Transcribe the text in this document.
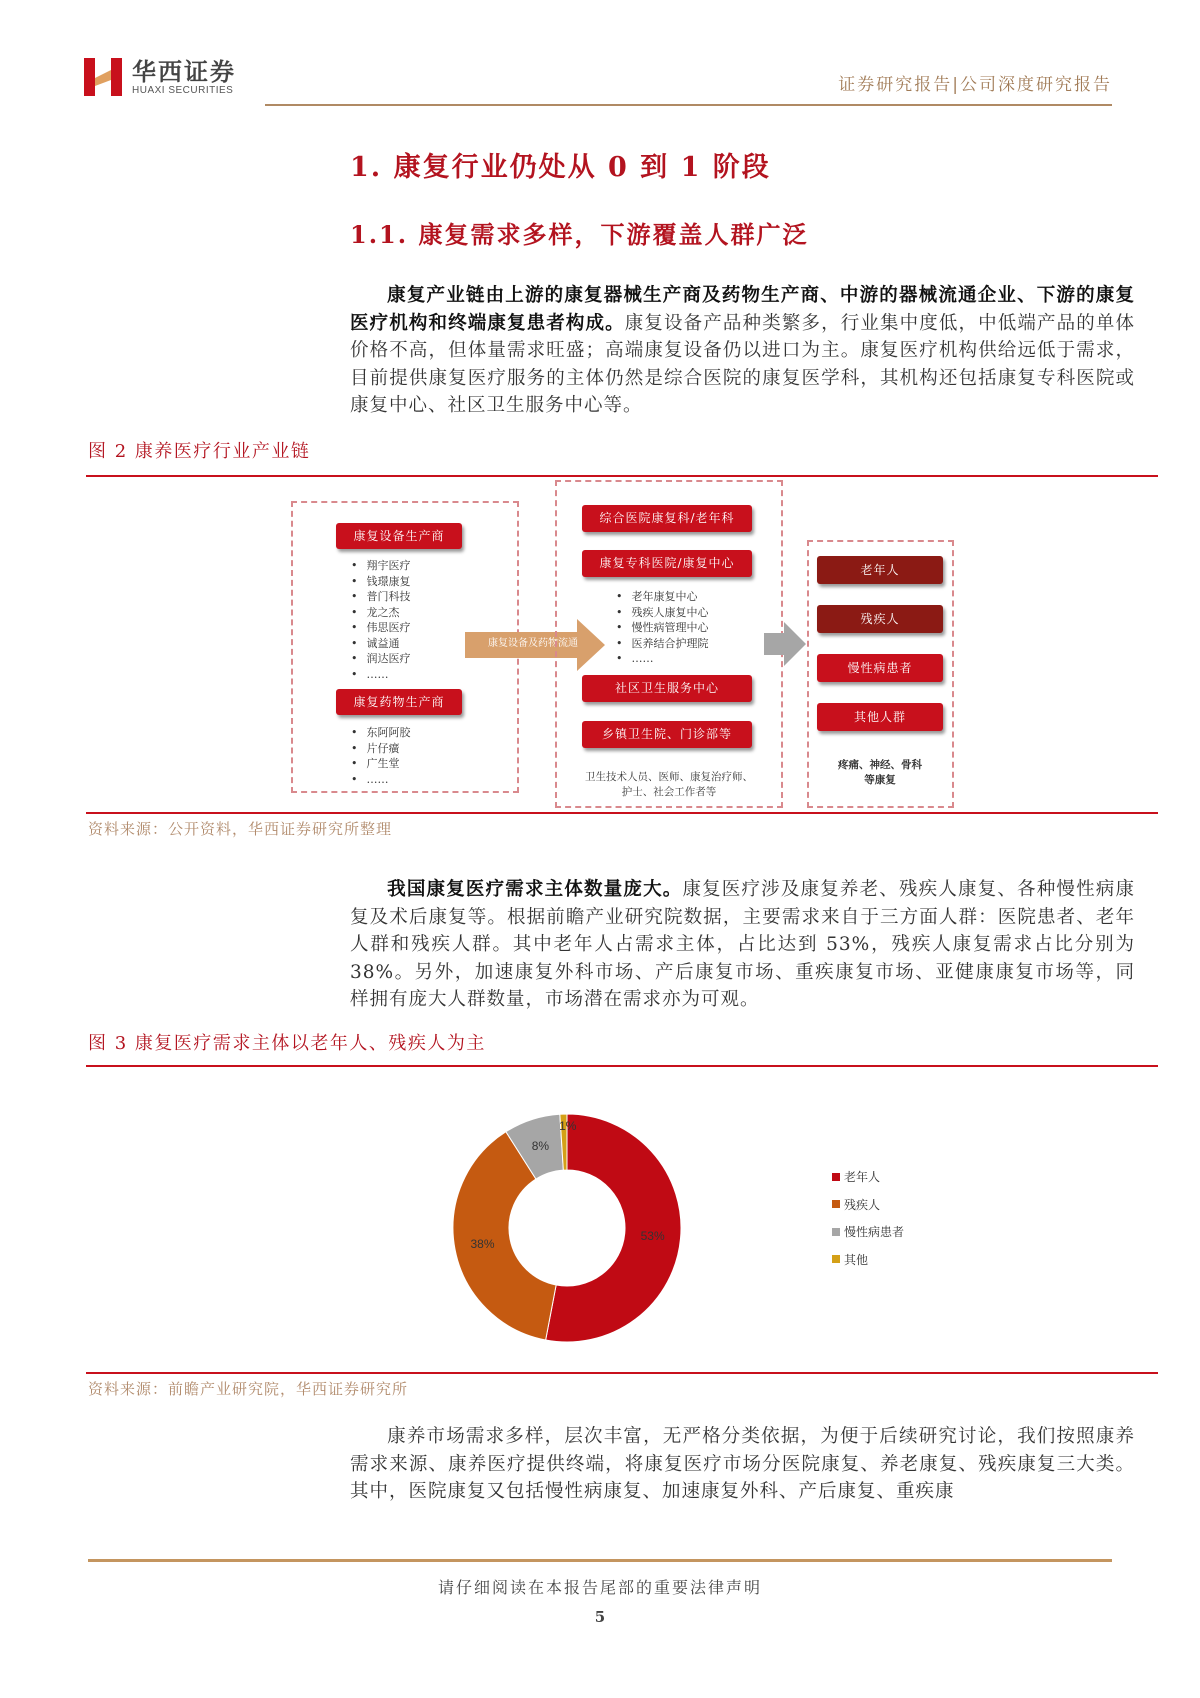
华西证券
HUAXI SECURITIES	证券研究报告|公司深度研究报告
1. 康复行业仍处从 0 到 1 阶段
1.1. 康复需求多样，下游覆盖人群广泛
康复产业链由上游的康复器械生产商及药物生产商、中游的器械流通企业、下游的康复医疗机构和终端康复患者构成。康复设备产品种类繁多，行业集中度低，中低端产品的单体价格不高，但体量需求旺盛；高端康复设备仍以进口为主。康复医疗机构供给远低于需求，目前提供康复医疗服务的主体仍然是综合医院的康复医学科，其机构还包括康复专科医院或康复中心、社区卫生服务中心等。
图 2 康养医疗行业产业链
康复设备生产商
• 翔宇医疗
• 钱璟康复
• 普门科技
• 龙之杰
• 伟思医疗
• 诚益通
• 润达医疗
• ……
康复药物生产商
• 东阿阿胶
• 片仔癀
• 广生堂
• ……
康复设备及药物流通
综合医院康复科/老年科
康复专科医院/康复中心
• 老年康复中心
• 残疾人康复中心
• 慢性病管理中心
• 医养结合护理院
• ……
社区卫生服务中心
乡镇卫生院、门诊部等
卫生技术人员、医师、康复治疗师、
护士、社会工作者等
老年人
残疾人
慢性病患者
其他人群
疼痛、神经、骨科
等康复
资料来源：公开资料，华西证券研究所整理
我国康复医疗需求主体数量庞大。康复医疗涉及康复养老、残疾人康复、各种慢性病康复及术后康复等。根据前瞻产业研究院数据，主要需求来自于三方面人群：医院患者、老年人群和残疾人群。其中老年人占需求主体，占比达到 53%，残疾人康复需求占比分别为 38%。另外，加速康复外科市场、产后康复市场、重疾康复市场、亚健康康复市场等，同样拥有庞大人群数量，市场潜在需求亦为可观。
图 3 康复医疗需求主体以老年人、残疾人为主
53%
38%
8%
1%
老年人
残疾人
慢性病患者
其他
资料来源：前瞻产业研究院，华西证券研究所
康养市场需求多样，层次丰富，无严格分类依据，为便于后续研究讨论，我们按照康养需求来源、康养医疗提供终端，将康复医疗市场分医院康复、养老康复、残疾康复三大类。其中，医院康复又包括慢性病康复、加速康复外科、产后康复、重疾康
请仔细阅读在本报告尾部的重要法律声明
5
